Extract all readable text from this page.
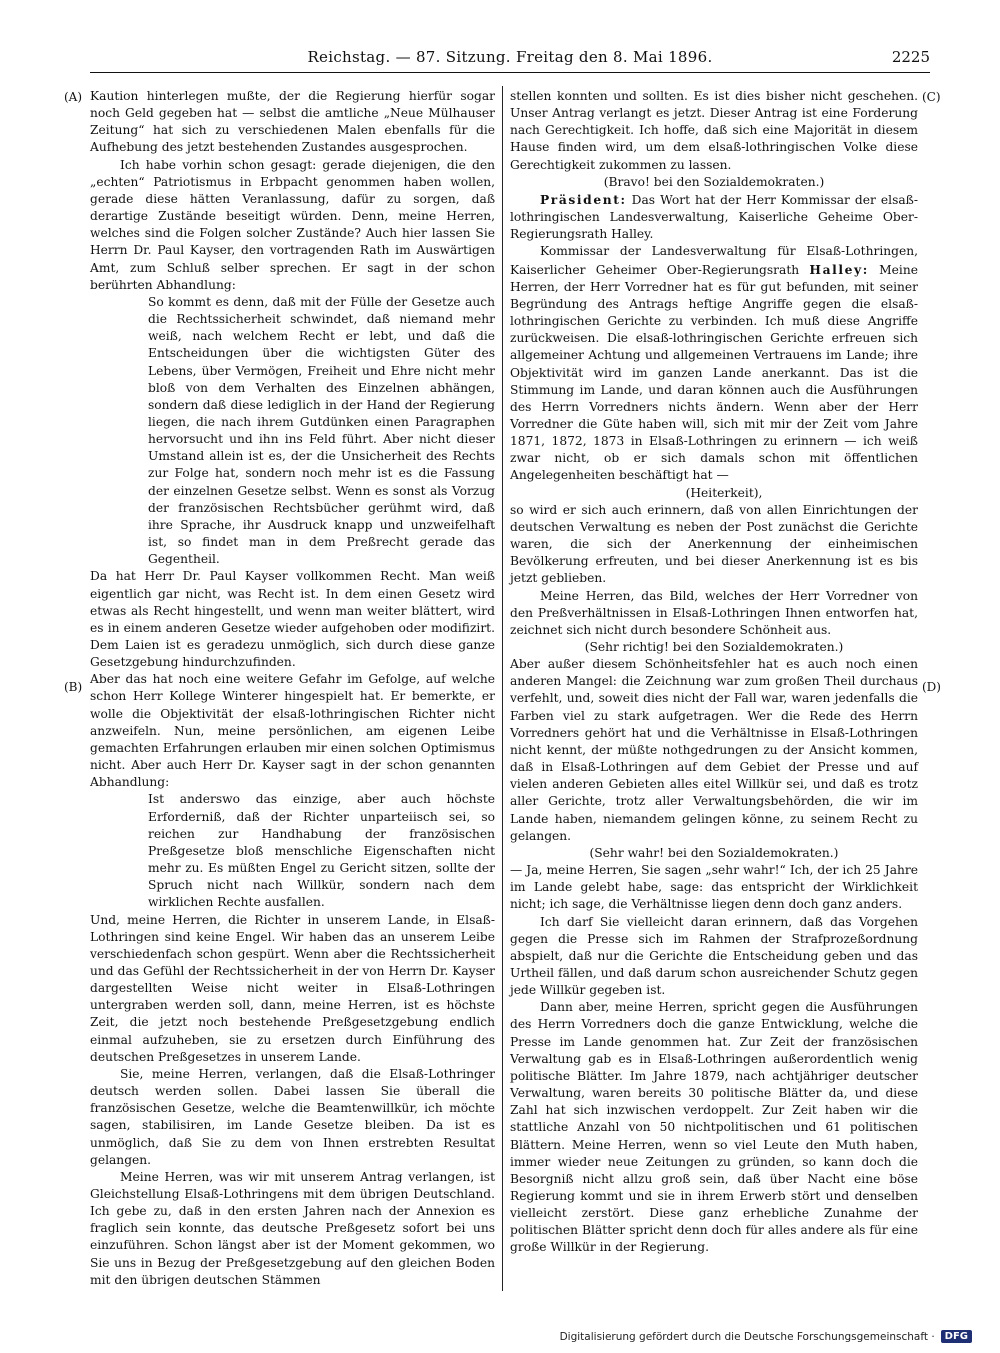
Reichstag. — 87. Sitzung. Freitag den 8. Mai 1896.	2225
(A)
(B)
(C)
(D)

Kaution hinterlegen mußte, der die Regierung hierfür sogar noch Geld gegeben hat — selbst die amtliche „Neue Mülhauser Zeitung“ hat sich zu verschiedenen Malen ebenfalls für die Aufhebung des jetzt bestehenden Zustandes ausgesprochen.

Ich habe vorhin schon gesagt: gerade diejenigen, die den „echten“ Patriotismus in Erbpacht genommen haben wollen, gerade diese hätten Veranlassung, dafür zu sorgen, daß derartige Zustände beseitigt würden. Denn, meine Herren, welches sind die Folgen solcher Zustände? Auch hier lassen Sie Herrn Dr. Paul Kayser, den vortragenden Rath im Auswärtigen Amt, zum Schluß selber sprechen. Er sagt in der schon berührten Abhandlung:

So kommt es denn, daß mit der Fülle der Gesetze auch die Rechtssicherheit schwindet, daß niemand mehr weiß, nach welchem Recht er lebt, und daß die Entscheidungen über die wichtigsten Güter des Lebens, über Vermögen, Freiheit und Ehre nicht mehr bloß von dem Verhalten des Einzelnen abhängen, sondern daß diese lediglich in der Hand der Regierung liegen, die nach ihrem Gutdünken einen Paragraphen hervorsucht und ihn ins Feld führt. Aber nicht dieser Umstand allein ist es, der die Unsicherheit des Rechts zur Folge hat, sondern noch mehr ist es die Fassung der einzelnen Gesetze selbst. Wenn es sonst als Vorzug der französischen Rechtsbücher gerühmt wird, daß ihre Sprache, ihr Ausdruck knapp und unzweifelhaft ist, so findet man in dem Preßrecht gerade das Gegentheil.

Da hat Herr Dr. Paul Kayser vollkommen Recht. Man weiß eigentlich gar nicht, was Recht ist. In dem einen Gesetz wird etwas als Recht hingestellt, und wenn man weiter blättert, wird es in einem anderen Gesetze wieder aufgehoben oder modifizirt. Dem Laien ist es geradezu unmöglich, sich durch diese ganze Gesetzgebung hindurchzufinden.

Aber das hat noch eine weitere Gefahr im Gefolge, auf welche schon Herr Kollege Winterer hingespielt hat. Er bemerkte, er wolle die Objektivität der elsaß-lothringischen Richter nicht anzweifeln. Nun, meine persönlichen, am eigenen Leibe gemachten Erfahrungen erlauben mir einen solchen Optimismus nicht. Aber auch Herr Dr. Kayser sagt in der schon genannten Abhandlung:

Ist anderswo das einzige, aber auch höchste Erforderniß, daß der Richter unparteiisch sei, so reichen zur Handhabung der französischen Preßgesetze bloß menschliche Eigenschaften nicht mehr zu. Es müßten Engel zu Gericht sitzen, sollte der Spruch nicht nach Willkür, sondern nach dem wirklichen Rechte ausfallen.

Und, meine Herren, die Richter in unserem Lande, in Elsaß-Lothringen sind keine Engel. Wir haben das an unserem Leibe verschiedenfach schon gespürt. Wenn aber die Rechtssicherheit und das Gefühl der Rechtssicherheit in der von Herrn Dr. Kayser dargestellten Weise nicht weiter in Elsaß-Lothringen untergraben werden soll, dann, meine Herren, ist es höchste Zeit, die jetzt noch bestehende Preßgesetzgebung endlich einmal aufzuheben, sie zu ersetzen durch Einführung des deutschen Preßgesetzes in unserem Lande.

Sie, meine Herren, verlangen, daß die Elsaß-Lothringer deutsch werden sollen. Dabei lassen Sie überall die französischen Gesetze, welche die Beamtenwillkür, ich möchte sagen, stabilisiren, im Lande Gesetze bleiben. Da ist es unmöglich, daß Sie zu dem von Ihnen erstrebten Resultat gelangen.

Meine Herren, was wir mit unserem Antrag verlangen, ist Gleichstellung Elsaß-Lothringens mit dem übrigen Deutschland. Ich gebe zu, daß in den ersten Jahren nach der Annexion es fraglich sein konnte, das deutsche Preßgesetz sofort bei uns einzuführen. Schon längst aber ist der Moment gekommen, wo Sie uns in Bezug der Preßgesetzgebung auf den gleichen Boden mit den übrigen deutschen Stämmen

stellen konnten und sollten. Es ist dies bisher nicht geschehen. Unser Antrag verlangt es jetzt. Dieser Antrag ist eine Forderung nach Gerechtigkeit. Ich hoffe, daß sich eine Majorität in diesem Hause finden wird, um dem elsaß-lothringischen Volke diese Gerechtigkeit zukommen zu lassen.

(Bravo! bei den Sozialdemokraten.)

Präsident: Das Wort hat der Herr Kommissar der elsaß-lothringischen Landesverwaltung, Kaiserliche Geheime Ober-Regierungsrath Halley.

Kommissar der Landesverwaltung für Elsaß-Lothringen, Kaiserlicher Geheimer Ober-Regierungsrath Halley: Meine Herren, der Herr Vorredner hat es für gut befunden, mit seiner Begründung des Antrags heftige Angriffe gegen die elsaß-lothringischen Gerichte zu verbinden. Ich muß diese Angriffe zurückweisen. Die elsaß-lothringischen Gerichte erfreuen sich allgemeiner Achtung und allgemeinen Vertrauens im Lande; ihre Objektivität wird im ganzen Lande anerkannt. Das ist die Stimmung im Lande, und daran können auch die Ausführungen des Herrn Vorredners nichts ändern. Wenn aber der Herr Vorredner die Güte haben will, sich mit mir der Zeit vom Jahre 1871, 1872, 1873 in Elsaß-Lothringen zu erinnern — ich weiß zwar nicht, ob er sich damals schon mit öffentlichen Angelegenheiten beschäftigt hat —

(Heiterkeit),

so wird er sich auch erinnern, daß von allen Einrichtungen der deutschen Verwaltung es neben der Post zunächst die Gerichte waren, die sich der Anerkennung der einheimischen Bevölkerung erfreuten, und bei dieser Anerkennung ist es bis jetzt geblieben.

Meine Herren, das Bild, welches der Herr Vorredner von den Preßverhältnissen in Elsaß-Lothringen Ihnen entworfen hat, zeichnet sich nicht durch besondere Schönheit aus.

(Sehr richtig! bei den Sozialdemokraten.)

Aber außer diesem Schönheitsfehler hat es auch noch einen anderen Mangel: die Zeichnung war zum großen Theil durchaus verfehlt, und, soweit dies nicht der Fall war, waren jedenfalls die Farben viel zu stark aufgetragen. Wer die Rede des Herrn Vorredners gehört hat und die Verhältnisse in Elsaß-Lothringen nicht kennt, der müßte nothgedrungen zu der Ansicht kommen, daß in Elsaß-Lothringen auf dem Gebiet der Presse und auf vielen anderen Gebieten alles eitel Willkür sei, und daß es trotz aller Gerichte, trotz aller Verwaltungsbehörden, die wir im Lande haben, niemandem gelingen könne, zu seinem Recht zu gelangen.

(Sehr wahr! bei den Sozialdemokraten.)

— Ja, meine Herren, Sie sagen „sehr wahr!“ Ich, der ich 25 Jahre im Lande gelebt habe, sage: das entspricht der Wirklichkeit nicht; ich sage, die Verhältnisse liegen denn doch ganz anders.

Ich darf Sie vielleicht daran erinnern, daß das Vorgehen gegen die Presse sich im Rahmen der Strafprozeßordnung abspielt, daß nur die Gerichte die Entscheidung geben und das Urtheil fällen, und daß darum schon ausreichender Schutz gegen jede Willkür gegeben ist.

Dann aber, meine Herren, spricht gegen die Ausführungen des Herrn Vorredners doch die ganze Entwicklung, welche die Presse im Lande genommen hat. Zur Zeit der französischen Verwaltung gab es in Elsaß-Lothringen außerordentlich wenig politische Blätter. Im Jahre 1879, nach achtjähriger deutscher Verwaltung, waren bereits 30 politische Blätter da, und diese Zahl hat sich inzwischen verdoppelt. Zur Zeit haben wir die stattliche Anzahl von 50 nichtpolitischen und 61 politischen Blättern. Meine Herren, wenn so viel Leute den Muth haben, immer wieder neue Zeitungen zu gründen, so kann doch die Besorgniß nicht allzu groß sein, daß über Nacht eine böse Regierung kommt und sie in ihrem Erwerb stört und denselben vielleicht zerstört. Diese ganz erhebliche Zunahme der politischen Blätter spricht denn doch für alles andere als für eine große Willkür in der Regierung.

Digitalisierung gefördert durch die Deutsche Forschungsgemeinschaft ·	DFG
